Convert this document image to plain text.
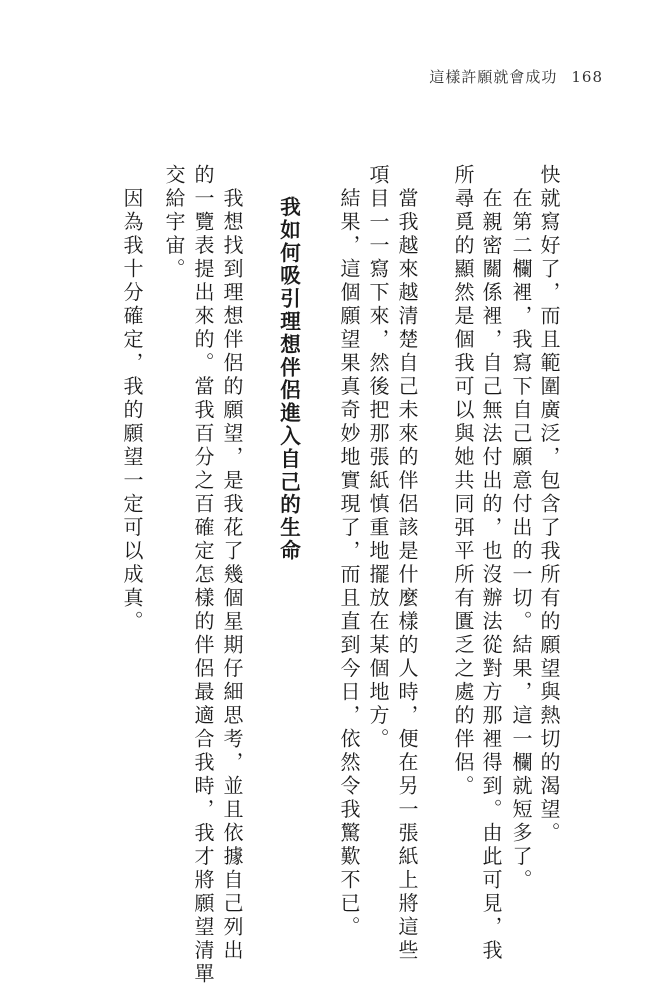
這樣許願就會成功 168
快就寫好了，而且範圍廣泛，包含了我所有的願望與熱切的渴望。
　在第二欄裡，我寫下自己願意付出的一切。結果，這一欄就短多了。
　在親密關係裡，自己無法付出的，也沒辦法從對方那裡得到。由此可見，我
所尋覓的顯然是個我可以與她共同弭平所有匱乏之處的伴侶。
　當我越來越清楚自己未來的伴侶該是什麼樣的人時，便在另一張紙上將這些
項目一一寫下來，然後把那張紙慎重地擺放在某個地方。
　結果，這個願望果真奇妙地實現了，而且直到今日，依然令我驚歎不已。
我如何吸引理想伴侶進入自己的生命
　我想找到理想伴侶的願望，是我花了幾個星期仔細思考，並且依據自己列出
的一覽表提出來的。當我百分之百確定怎樣的伴侶最適合我時，我才將願望清單
交給宇宙。
　因為我十分確定，我的願望一定可以成真。
